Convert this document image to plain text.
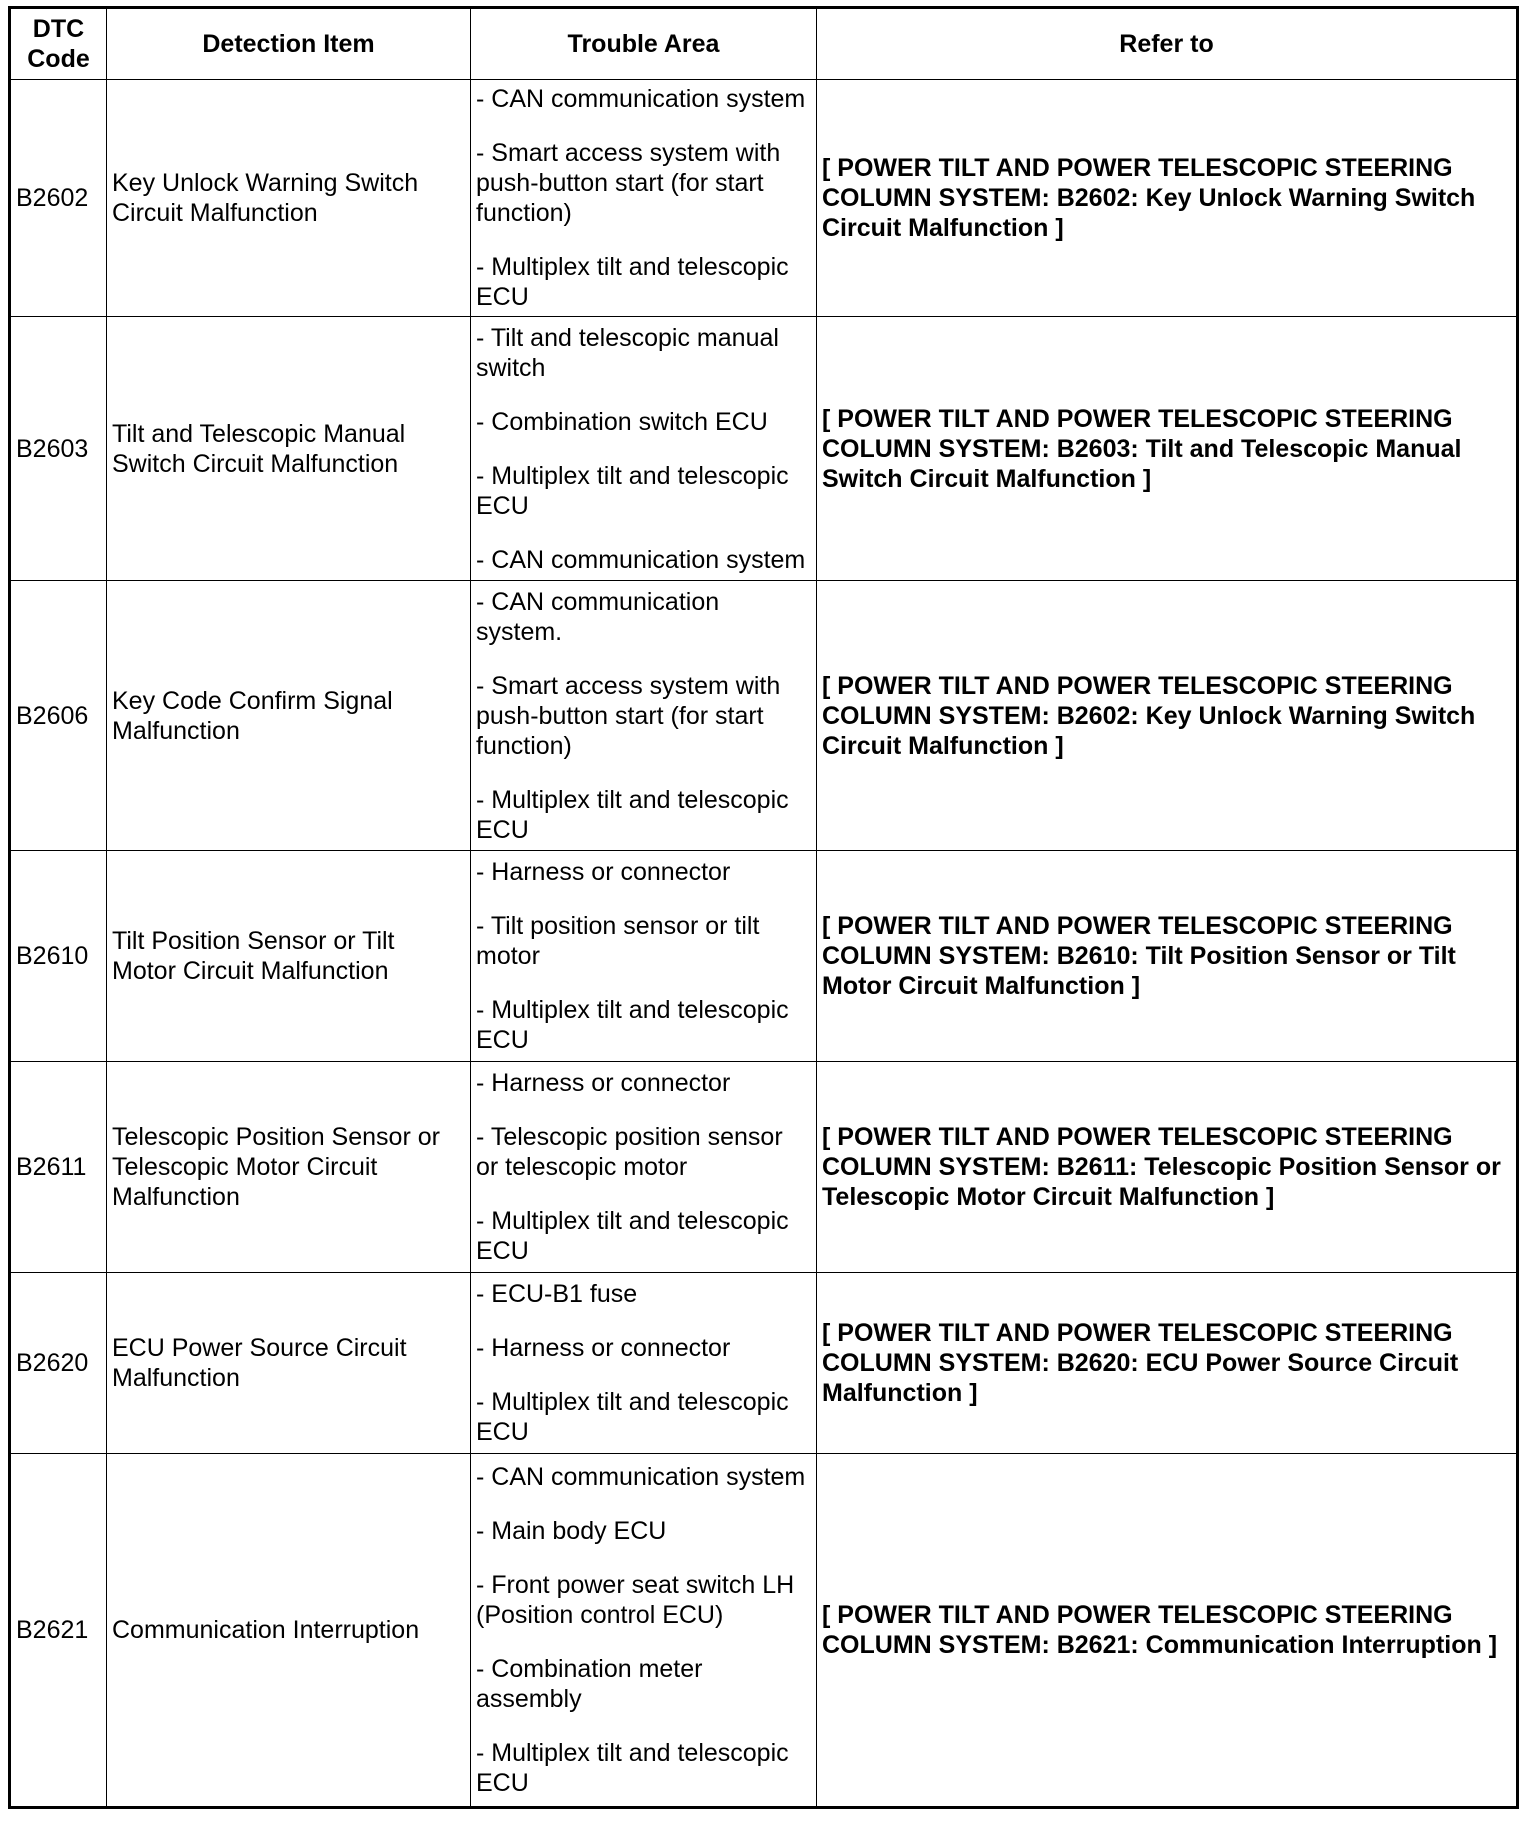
DTC
Code	Detection Item	Trouble Area	Refer to
B2602	Key Unlock Warning Switch Circuit Malfunction	- CAN communication system
- Smart access system with push-button start (for start function)
- Multiplex tilt and telescopic ECU	[ POWER TILT AND POWER TELESCOPIC STEERING COLUMN SYSTEM: B2602: Key Unlock Warning Switch Circuit Malfunction ]
B2603	Tilt and Telescopic Manual Switch Circuit Malfunction	- Tilt and telescopic manual switch
- Combination switch ECU
- Multiplex tilt and telescopic ECU
- CAN communication system	[ POWER TILT AND POWER TELESCOPIC STEERING COLUMN SYSTEM: B2603: Tilt and Telescopic Manual Switch Circuit Malfunction ]
B2606	Key Code Confirm Signal Malfunction	- CAN communication system.
- Smart access system with push-button start (for start function)
- Multiplex tilt and telescopic ECU	[ POWER TILT AND POWER TELESCOPIC STEERING COLUMN SYSTEM: B2602: Key Unlock Warning Switch Circuit Malfunction ]
B2610	Tilt Position Sensor or Tilt Motor Circuit Malfunction	- Harness or connector
- Tilt position sensor or tilt motor
- Multiplex tilt and telescopic ECU	[ POWER TILT AND POWER TELESCOPIC STEERING COLUMN SYSTEM: B2610: Tilt Position Sensor or Tilt Motor Circuit Malfunction ]
B2611	Telescopic Position Sensor or Telescopic Motor Circuit Malfunction	- Harness or connector
- Telescopic position sensor or telescopic motor
- Multiplex tilt and telescopic ECU	[ POWER TILT AND POWER TELESCOPIC STEERING COLUMN SYSTEM: B2611: Telescopic Position Sensor or Telescopic Motor Circuit Malfunction ]
B2620	ECU Power Source Circuit Malfunction	- ECU-B1 fuse
- Harness or connector
- Multiplex tilt and telescopic ECU	[ POWER TILT AND POWER TELESCOPIC STEERING COLUMN SYSTEM: B2620: ECU Power Source Circuit Malfunction ]
B2621	Communication Interruption	- CAN communication system
- Main body ECU
- Front power seat switch LH (Position control ECU)
- Combination meter assembly
- Multiplex tilt and telescopic ECU	[ POWER TILT AND POWER TELESCOPIC STEERING COLUMN SYSTEM: B2621: Communication Interruption ]
